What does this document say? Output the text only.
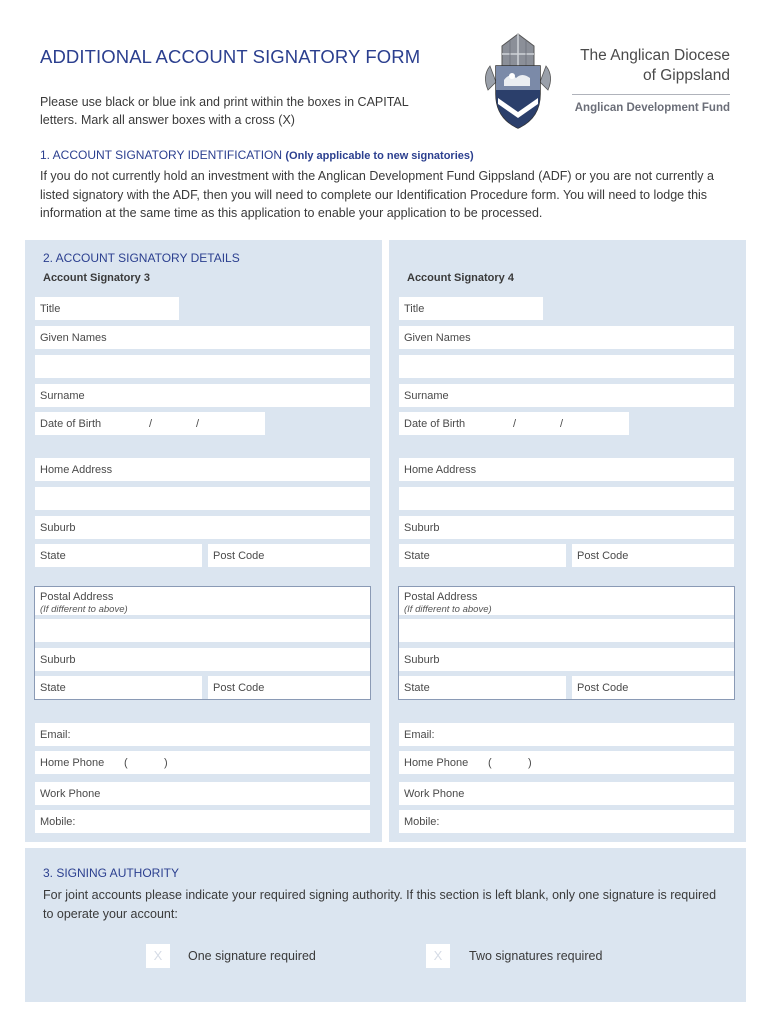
ADDITIONAL ACCOUNT SIGNATORY FORM
Please use black or blue ink and print within the boxes in CAPITAL letters. Mark all answer boxes with a cross (X)
The Anglican Diocese
of Gippsland
Anglican Development Fund
1. ACCOUNT SIGNATORY IDENTIFICATION (Only applicable to new signatories)
If you do not currently hold an investment with the Anglican Development Fund Gippsland (ADF) or you are not currently a listed signatory with the ADF, then you will need to complete our Identification Procedure form. You will need to lodge this information at the same time as this application to enable your application to be processed.
2. ACCOUNT SIGNATORY DETAILS
Account Signatory 3	Account Signatory 4
Title
Given Names
Surname
Date of Birth	/	/
Home Address
Suburb
State	Post Code
Postal Address
(If different to above)
Suburb
State	Post Code
Email:
Home Phone (	)
Work Phone
Mobile:
Title
Given Names
Surname
Date of Birth	/	/
Home Address
Suburb
State	Post Code
Postal Address
(If different to above)
Suburb
State	Post Code
Email:
Home Phone (	)
Work Phone
Mobile:
3. SIGNING AUTHORITY
For joint accounts please indicate your required signing authority. If this section is left blank, only one signature is required to operate your account:
X	One signature required	X	Two signatures required
